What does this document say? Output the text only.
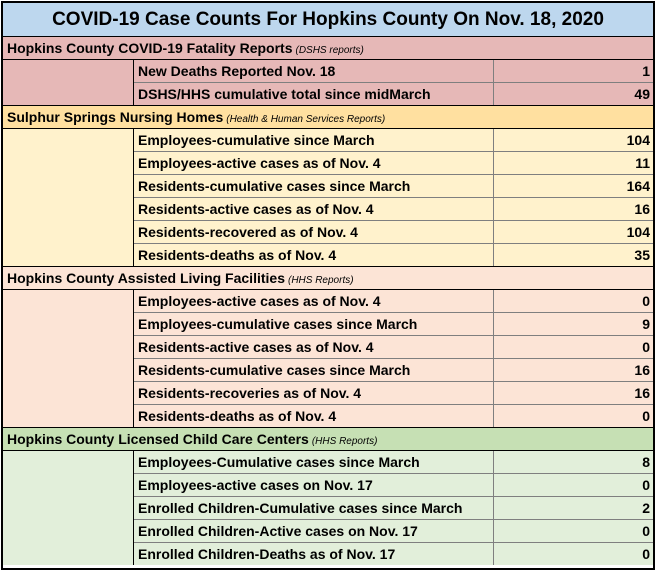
COVID-19 Case Counts For Hopkins County On Nov. 18, 2020
Hopkins County COVID-19 Fatality Reports (DSHS reports)
New Deaths Reported Nov. 18	1
DSHS/HHS cumulative total since midMarch	49
Sulphur Springs Nursing Homes (Health & Human Services Reports)
Employees-cumulative since March	104
Employees-active cases as of Nov. 4	11
Residents-cumulative cases since March	164
Residents-active cases as of Nov. 4	16
Residents-recovered as of Nov. 4	104
Residents-deaths as of Nov. 4	35
Hopkins County Assisted Living Facilities (HHS Reports)
Employees-active cases as of Nov. 4	0
Employees-cumulative cases since March	9
Residents-active cases as of Nov. 4	0
Residents-cumulative cases since March	16
Residents-recoveries as of Nov. 4	16
Residents-deaths as of Nov. 4	0
Hopkins County Licensed Child Care Centers (HHS Reports)
Employees-Cumulative cases since March	8
Employees-active cases on Nov. 17	0
Enrolled Children-Cumulative cases since March	2
Enrolled Children-Active cases on Nov. 17	0
Enrolled Children-Deaths as of Nov. 17	0
